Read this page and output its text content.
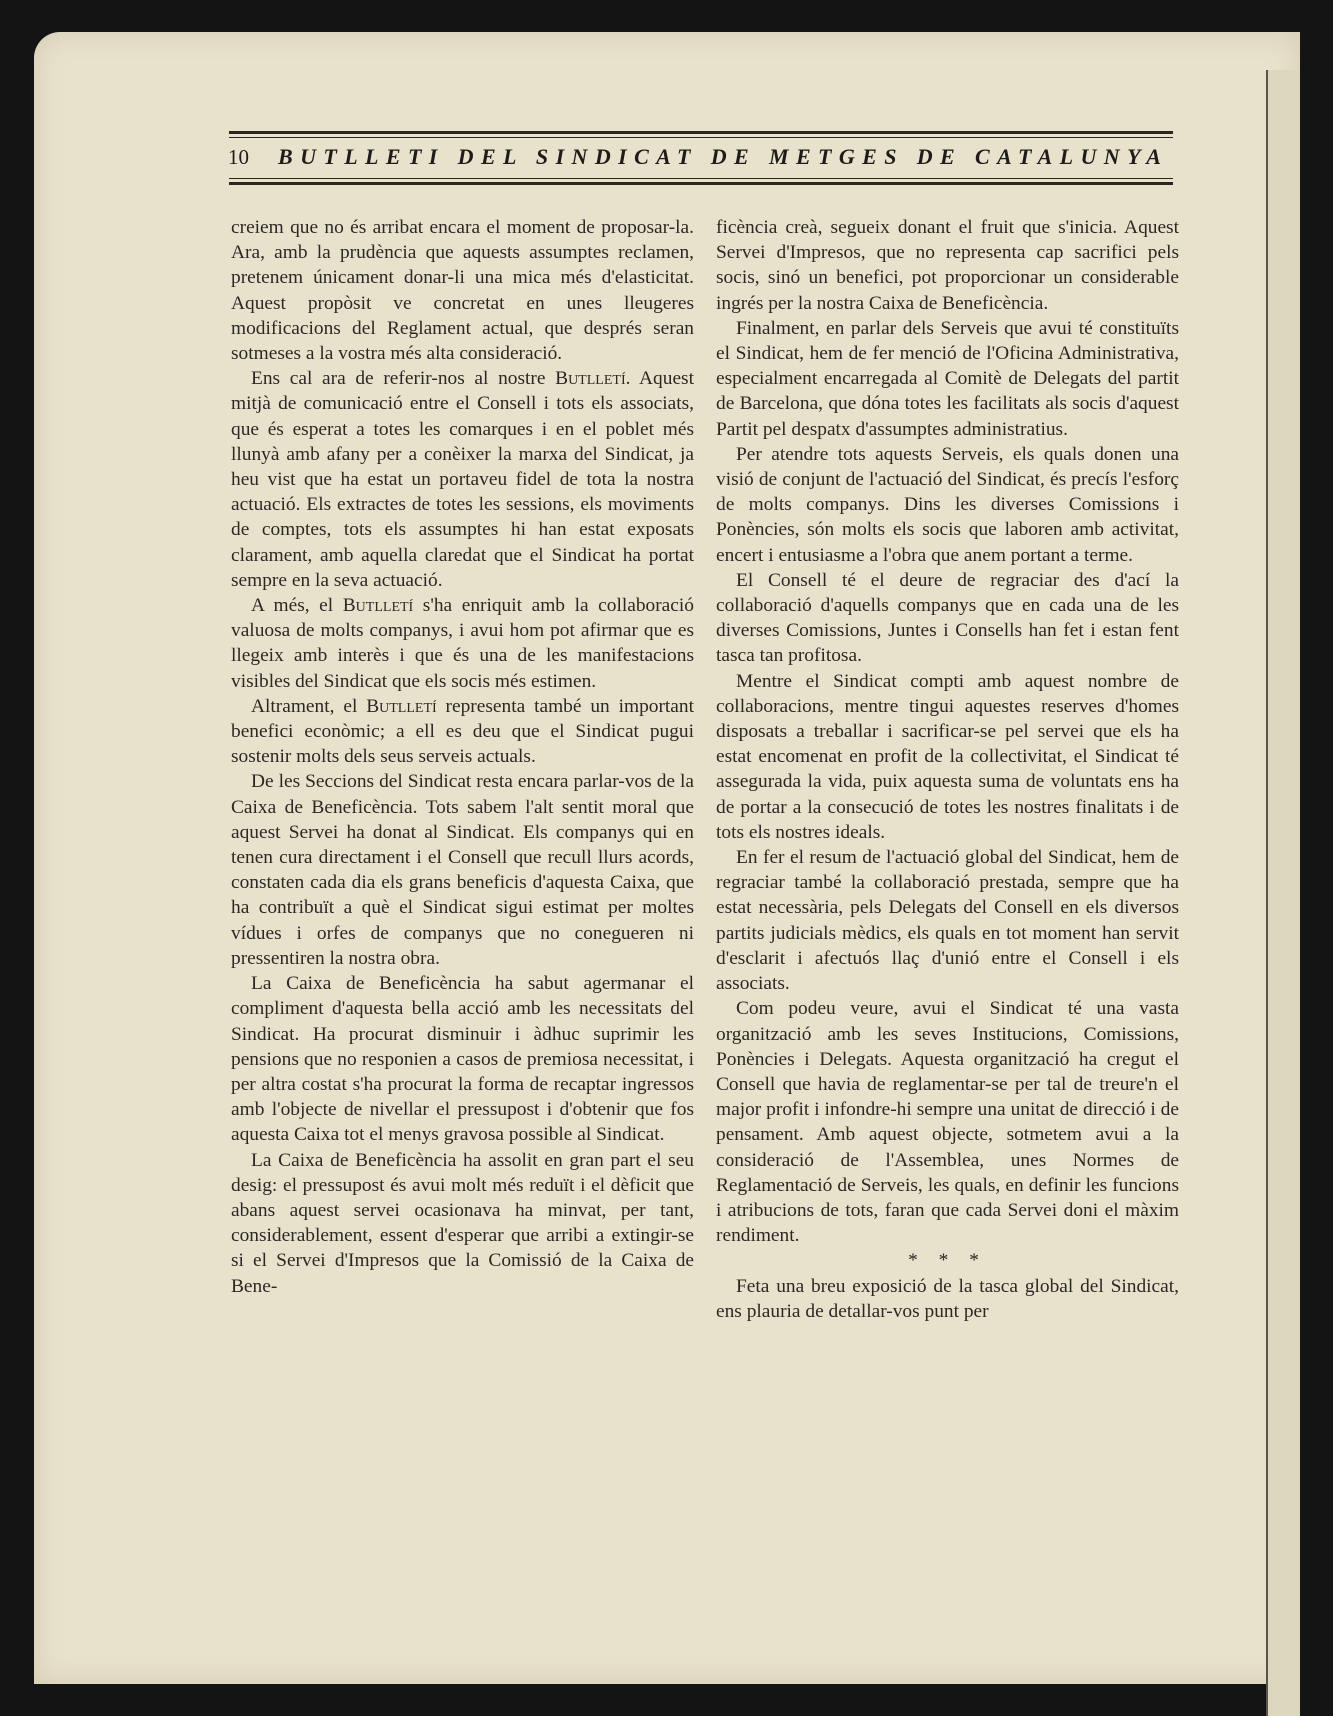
10	BUTLLETI DEL SINDICAT DE METGES DE CATALUNYA

creiem que no és arribat encara el moment de proposar-la. Ara, amb la prudència que aquests assumptes reclamen, pretenem únicament donar-li una mica més d'elasticitat. Aquest propòsit ve concretat en unes lleugeres modificacions del Reglament actual, que després seran sotmeses a la vostra més alta consideració.

Ens cal ara de referir-nos al nostre Butlletí. Aquest mitjà de comunicació entre el Consell i tots els associats, que és esperat a totes les comarques i en el poblet més llunyà amb afany per a conèixer la marxa del Sindicat, ja heu vist que ha estat un portaveu fidel de tota la nostra actuació. Els extractes de totes les sessions, els moviments de comptes, tots els assumptes hi han estat exposats clarament, amb aquella claredat que el Sindicat ha portat sempre en la seva actuació.

A més, el Butlletí s'ha enriquit amb la collaboració valuosa de molts companys, i avui hom pot afirmar que es llegeix amb interès i que és una de les manifestacions visibles del Sindicat que els socis més estimen.

Altrament, el Butlletí representa també un important benefici econòmic; a ell es deu que el Sindicat pugui sostenir molts dels seus serveis actuals.

De les Seccions del Sindicat resta encara parlar-vos de la Caixa de Beneficència. Tots sabem l'alt sentit moral que aquest Servei ha donat al Sindicat. Els companys qui en tenen cura directament i el Consell que recull llurs acords, constaten cada dia els grans beneficis d'aquesta Caixa, que ha contribuït a què el Sindicat sigui estimat per moltes vídues i orfes de companys que no conegueren ni pressentiren la nostra obra.

La Caixa de Beneficència ha sabut agermanar el compliment d'aquesta bella acció amb les necessitats del Sindicat. Ha procurat disminuir i àdhuc suprimir les pensions que no responien a casos de premiosa necessitat, i per altra costat s'ha procurat la forma de recaptar ingressos amb l'objecte de nivellar el pressupost i d'obtenir que fos aquesta Caixa tot el menys gravosa possible al Sindicat.

La Caixa de Beneficència ha assolit en gran part el seu desig: el pressupost és avui molt més reduït i el dèficit que abans aquest servei ocasionava ha minvat, per tant, considerablement, essent d'esperar que arribi a extingir-se si el Servei d'Impresos que la Comissió de la Caixa de Bene-

ficència creà, segueix donant el fruit que s'inicia. Aquest Servei d'Impresos, que no representa cap sacrifici pels socis, sinó un benefici, pot proporcionar un considerable ingrés per la nostra Caixa de Beneficència.

Finalment, en parlar dels Serveis que avui té constituïts el Sindicat, hem de fer menció de l'Oficina Administrativa, especialment encarregada al Comitè de Delegats del partit de Barcelona, que dóna totes les facilitats als socis d'aquest Partit pel despatx d'assumptes administratius.

Per atendre tots aquests Serveis, els quals donen una visió de conjunt de l'actuació del Sindicat, és precís l'esforç de molts companys. Dins les diverses Comissions i Ponències, són molts els socis que laboren amb activitat, encert i entusiasme a l'obra que anem portant a terme.

El Consell té el deure de regraciar des d'ací la collaboració d'aquells companys que en cada una de les diverses Comissions, Juntes i Consells han fet i estan fent tasca tan profitosa.

Mentre el Sindicat compti amb aquest nombre de collaboracions, mentre tingui aquestes reserves d'homes disposats a treballar i sacrificar-se pel servei que els ha estat encomenat en profit de la collectivitat, el Sindicat té assegurada la vida, puix aquesta suma de voluntats ens ha de portar a la consecució de totes les nostres finalitats i de tots els nostres ideals.

En fer el resum de l'actuació global del Sindicat, hem de regraciar també la collaboració prestada, sempre que ha estat necessària, pels Delegats del Consell en els diversos partits judicials mèdics, els quals en tot moment han servit d'esclarit i afectuós llaç d'unió entre el Consell i els associats.

Com podeu veure, avui el Sindicat té una vasta organització amb les seves Institucions, Comissions, Ponències i Delegats. Aquesta organització ha cregut el Consell que havia de reglamentar-se per tal de treure'n el major profit i infondre-hi sempre una unitat de direcció i de pensament. Amb aquest objecte, sotmetem avui a la consideració de l'Assemblea, unes Normes de Reglamentació de Serveis, les quals, en definir les funcions i atribucions de tots, faran que cada Servei doni el màxim rendiment.

* * *

Feta una breu exposició de la tasca global del Sindicat, ens plauria de detallar-vos punt per
